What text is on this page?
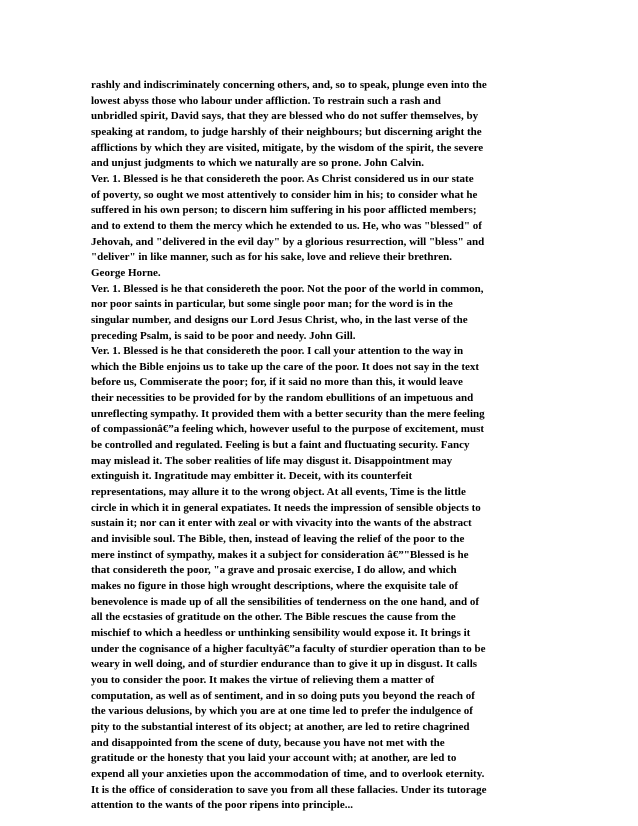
rashly and indiscriminately concerning others, and, so to speak, plunge even into the
lowest abyss those who labour under affliction. To restrain such a rash and
unbridled spirit, David says, that they are blessed who do not suffer themselves, by
speaking at random, to judge harshly of their neighbours; but discerning aright the
afflictions by which they are visited, mitigate, by the wisdom of the spirit, the severe
and unjust judgments to which we naturally are so prone. John Calvin.
Ver. 1. Blessed is he that considereth the poor. As Christ considered us in our state
of poverty, so ought we most attentively to consider him in his; to consider what he
suffered in his own person; to discern him suffering in his poor afflicted members;
and to extend to them the mercy which he extended to us. He, who was "blessed" of
Jehovah, and "delivered in the evil day" by a glorious resurrection, will "bless" and
"deliver" in like manner, such as for his sake, love and relieve their brethren.
George Horne.
Ver. 1. Blessed is he that considereth the poor. Not the poor of the world in common,
nor poor saints in particular, but some single poor man; for the word is in the
singular number, and designs our Lord Jesus Christ, who, in the last verse of the
preceding Psalm, is said to be poor and needy. John Gill.
Ver. 1. Blessed is he that considereth the poor. I call your attention to the way in
which the Bible enjoins us to take up the care of the poor. It does not say in the text
before us, Commiserate the poor; for, if it said no more than this, it would leave
their necessities to be provided for by the random ebullitions of an impetuous and
unreflecting sympathy. It provided them with a better security than the mere feeling
of compassionâ€”a feeling which, however useful to the purpose of excitement, must
be controlled and regulated. Feeling is but a faint and fluctuating security. Fancy
may mislead it. The sober realities of life may disgust it. Disappointment may
extinguish it. Ingratitude may embitter it. Deceit, with its counterfeit
representations, may allure it to the wrong object. At all events, Time is the little
circle in which it in general expatiates. It needs the impression of sensible objects to
sustain it; nor can it enter with zeal or with vivacity into the wants of the abstract
and invisible soul. The Bible, then, instead of leaving the relief of the poor to the
mere instinct of sympathy, makes it a subject for consideration â€”"Blessed is he
that considereth the poor, "a grave and prosaic exercise, I do allow, and which
makes no figure in those high wrought descriptions, where the exquisite tale of
benevolence is made up of all the sensibilities of tenderness on the one hand, and of
all the ecstasies of gratitude on the other. The Bible rescues the cause from the
mischief to which a heedless or unthinking sensibility would expose it. It brings it
under the cognisance of a higher facultyâ€”a faculty of sturdier operation than to be
weary in well doing, and of sturdier endurance than to give it up in disgust. It calls
you to consider the poor. It makes the virtue of relieving them a matter of
computation, as well as of sentiment, and in so doing puts you beyond the reach of
the various delusions, by which you are at one time led to prefer the indulgence of
pity to the substantial interest of its object; at another, are led to retire chagrined
and disappointed from the scene of duty, because you have not met with the
gratitude or the honesty that you laid your account with; at another, are led to
expend all your anxieties upon the accommodation of time, and to overlook eternity.
It is the office of consideration to save you from all these fallacies. Under its tutorage
attention to the wants of the poor ripens into principle...
